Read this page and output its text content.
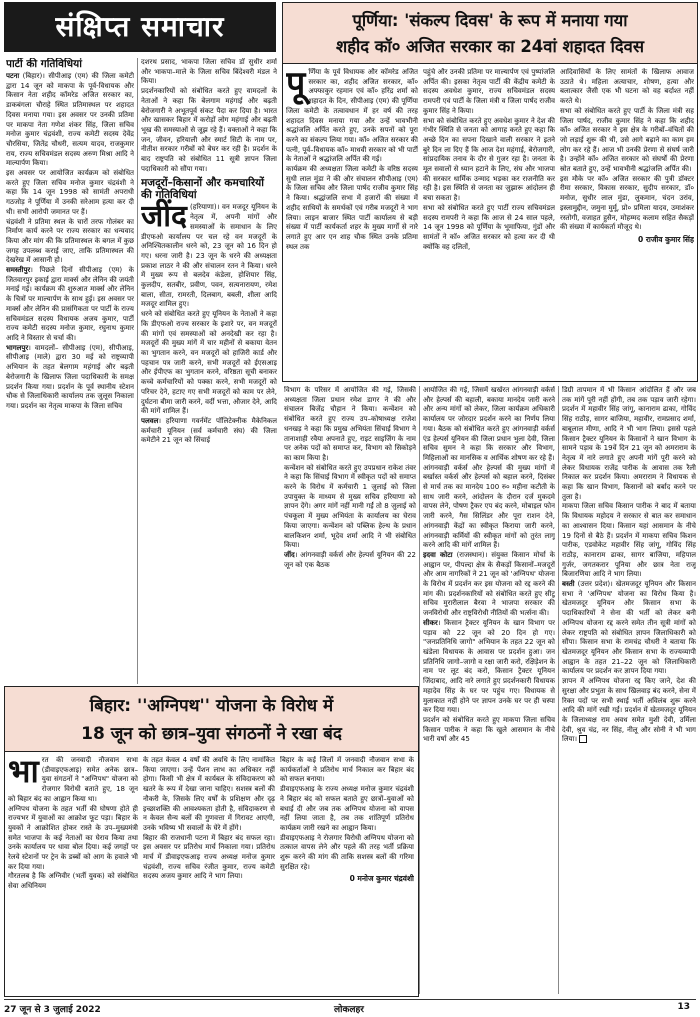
संक्षिप्त समाचार
पार्टी की गतिविधियां

पटना (बिहार)। सीपीआइ (एम) की जिला कमेटी द्वारा 14 जून को माकपा के पूर्व-विधायक और किसान नेता शहीद कॉमरेड अजित सरकार का, डाकबंगला चौराहे स्थित प्रतिमास्थल पर शहादत दिवस मनाया गया। इस अवसर पर उनकी प्रतिमा पर माकपा नेता गणेश शंकर सिंह, जिला सचिव मनोज कुमार चंद्रवंशी, राज्य कमेटी सदस्य देवेंद्र चौरसिया, जितेंद्र चौधरी, सत्यम यादव, राजकुमार राय, राज्य सचिवमंडल सदस्य अरुण मिश्रा आदि ने माल्यार्पण किया।

इस अवसर पर आयोजित कार्यक्रम को संबोधित करते हुए जिला सचिव मनोज कुमार चंद्रवंशी ने कहा कि 14 जून 1998 को सामंती अपराधी गठजोड़ ने पूर्णिया में उनकी सरेआम हत्या कर दी थी। सभी आरोपी जमानत पर हैं।

चंद्रवंशी ने प्रतिमा स्थल के चारों तरफ गोलंबर का निर्माण कार्य करने पर राज्य सरकार का धन्यवाद किया और मांग की कि प्रतिमास्थल के बगल में कुछ जगह उपलब्ध कराई जाए, ताकि प्रतिमास्थल की देखरेख में आसानी हो।

समस्तीपुर। पिछले दिनों सीपीआइ (एम) के जितवारपुर इकाई द्वारा मार्क्स और लेनिन की जयंती मनाई गई। कार्यक्रम की शुरुआत मार्क्स और लेनिन के चित्रों पर माल्यार्पण के साथ हुई। इस अवसर पर मार्क्स और लेनिन की प्रासंगिकता पर पार्टी के राज्य सचिवमंडल सदस्य विधायक अजय कुमार, पार्टी राज्य कमेटी सदस्य मनोज कुमार, रघुनाथ कुमार आदि ने विस्तार से चर्चा की।

भागलपुर। वामदलों– सीपीआइ (एम), सीपीआइ, सीपीआइ (माले) द्वारा 30 मई को राष्ट्रव्यापी अभियान के तहत बेलगाम महंगाई और बढ़ती बेरोजगारी के खिलाफ जिला पदाधिकारी के समक्ष प्रदर्शन किया गया। प्रदर्शन के पूर्व स्थानीय स्टेशन चौक से जिलाधिकारी कार्यालय तक जुलूस निकाला गया। प्रदर्शन का नेतृत्व माकपा के जिला सचिव

दशरथ प्रसाद, भाकपा जिला सचिव डॉ सुधीर शर्मा और भाकपा–माले के जिला सचिव बिंदेश्वरी मंडल ने किया।

प्रदर्शनकारियों को संबोधित करते हुए वामदलों के नेताओं ने कहा कि बेलगाम महंगाई और बढ़ती बेरोजगारी ने अभूतपूर्व संकट पैदा कर दिया है। भारत और खासकर बिहार में करोड़ों लोग महंगाई और बढ़ती भूख की समस्याओं से जूझ रहे हैं। वक्ताओं ने कहा कि जन, जीवन, हरियाली और स्मार्ट सिटी के नाम पर, नीतीश सरकार गरीबों को बेघर कर रही है। प्रदर्शन के बाद राष्ट्रपति को संबोधित 11 सूत्री ज्ञापन जिला पदाधिकारी को सौंपा गया।

मजदूरों–किसानों और कमचारियों की गतिविधियां

जींद (हरियाणा)। वन मजदूर यूनियन के नेतृत्व में, अपनी मांगों और समस्याओं के समाधान के लिए डीएफओ कार्यालय पर चल रहे वन मजदूरों के अनिश्चितकालीन धरने को, 23 जून को 16 दिन हो गए। धरना जारी है। 23 जून के धरने की अध्यक्षता प्रकाश लाठर ने की और संचालन रतन ने किया। धरने में मुख्य रूप से बलदेव कंडेला, होशियार सिंह, कुलदीप, सतबीर, प्रवीण, पवन, सत्यनारायण, रमेश बाला, सीता, रामरती, दिलबाग, बबली, शीला आदि मजदूर शामिल हुए।

धरने को संबोधित करते हुए यूनियन के नेताओं ने कहा कि डीएफओ राज्य सरकार के इशारे पर, वन मजदूरों की मांगों एवं समस्याओं को अनदेखी कर रहा है। मजदूरों की मुख्य मांगें में चार महीनों से बकाया वेतन का भुगतान करने, वन मजदूरों को हाजिरी कार्ड और पहचान पत्र जारी करने, सभी मजदूरों को ईएसआइ और ईपीएफ का भुगतान करने, वरिष्ठता सूची बनाकर कच्चे कर्मचारियों को पक्का करने, सभी मजदूरों को परिचर देने, हटाए गए सभी मजदूरों को काम पर लेने, दुर्घटना बीमा जारी करने, वर्दी भत्ता, औजार देने, आदि की मांगें शामिल हैं।

पलवल। हरियाणा गवर्नमेंट पॉलिटेक्नीक मैकेनिकल कर्मचारी यूनियन (सर्व कर्मचारी संघ) की जिला कमेटीने 21 जून को सिंचाई

पूर्णिया: 'संकल्प दिवस' के रूप में मनाया गया
शहीद कॉ० अजित सरकार का 24वां शहादत दिवस

पूर्णिया के पूर्व विधायक और कॉमरेड अजित सरकार का, शहीद अजित सरकार, कॉ० अफ्फाकुर रहमान एवं कॉ० हरिंद्र शर्मा को शहादत के दिन, सीपीआइ (एम) की पूर्णिया जिला कमेटी के तत्वावधान में हर वर्ष की तरह शहादत दिवस मनाया गया और उन्हें भावभीनी श्रद्धांजलि अर्पित करते हुए, उनके सपनों को पूरा करने का संकल्प लिया गया। कॉ० अजित सरकार की पत्नी, पूर्व–विधायक कॉ० माधवी सरकार को भी पार्टी के नेताओं ने श्रद्धांजलि अर्पित की गई।

कार्यक्रम की अध्यक्षता जिला कमेटी के वरिष्ठ सदस्य सुधी लाल मुंडा ने की और संचालन सीपीआइ (एम) के जिला सचिव और जिला पार्षद राजीव कुमार सिंह ने किया। श्रद्धांजलि सभा में हजारों की संख्या में शहीद साथियों के समर्थकों एवं गरीब मजदूरों ने भाग लिया। लाइन बाजार स्थित पार्टी कार्यालय से बड़ी संख्या में पार्टी कार्यकर्ता शहर के मुख्य मार्गों से नारे लगाते हुए आर एन शाह चौक स्थित उनके प्रतिमा स्थल तक

पहुंचे और उनकी प्रतिमा पर माल्यार्पण एवं पुष्पांजलि अर्पित की। इसका नेतृत्व पार्टी की केंद्रीय कमेटी के सदस्य अवधेश कुमार, राज्य सचिवमंडल सदस्य रामपरी एवं पार्टी के जिला मंत्री व जिला पार्षद राजीव कुमार सिंह ने किया।

सभा को संबोधित करते हुए अवधेश कुमार ने देश की गंभीर स्थिति से जनता को आगाह करते हुए कहा कि अच्छे दिन का सपना दिखाने वाली सरकार ने इतने बुरे दिन ला दिए हैं कि आज देश महंगाई, बेरोजगारी, सांप्रदायिक तनाव के दौर से गुजर रहा है। जनता के मूल सवालों से ध्यान हटाने के लिए, संघ और भाजपा की सरकार धार्मिक उन्माद भड़का कर राजनीति कर रही है। इस स्थिति से जनता का जुझारू आंदोलन ही बचा सकता है।

सभा को संबोधित करते हुए पार्टी राज्य सचिवमंडल सदस्य रामपरी ने कहा कि आज से 24 साल पहले, 14 जून 1998 को पूर्णिया के भूमाफिया, गुंडों और सामंतों ने कॉ० अजित सरकार को हत्या कर दी थी क्योंकि वह दलितों,

आदिवासियों के लिए सामंतों के खिलाफ आवाज उठाते थे। महिला अत्याचार, शोषण, हत्या और बलात्कार जैसी एक भी घटना को वह बर्दाश्त नहीं करते थे।

सभा को संबोधित करते हुए पार्टी के जिला मंत्री सह जिला पार्षद, राजीव कुमार सिंह ने कहा कि शहीद कॉ० अजित सरकार ने इस क्षेत्र के गरीबों–वंचितों की जो लड़ाई शुरू की थी, उसे आगे बढ़ाने का काम हम लोग कर रहे हैं। आज भी उनकी प्रेरणा से संघर्ष जारी है। उन्होंने कॉ० अजित सरकार को संघर्षों की प्रेरणा स्रोत बताते हुए, उन्हें भावभीनी श्रद्धांजलि अर्पित की।

इस मौके पर कॉ० अजित सरकार की पुत्री डॉक्टर रीमा सरकार, विकास सरकार, सुदीप सरकार, डॉ० मनोज, सुधीर लाल मुंडा, लुकमान, चंदन उरांव, इस्लामुद्दीन, जमुना मुर्मू, प्रो० प्रमिला यादव, उमाशंकर रस्तोगी, वजाहत हुसैन, मोहम्मद कलाम सहित सैकड़ों की संख्या में कार्यकर्ता मौजूद थे।

0 राजीव कुमार सिंह

विभाग के परिसर में आयोजित की गई, जिसकी अध्यक्षता जिला प्रधान रमेश डागर ने की और संचालन बिजेंद्र चौहान ने किया। कन्वेंशन को संबोधित करते हुए राज्य उप–कोषाध्यक्ष राजेश धनखड़ ने कहा कि प्रमुख अभियंता सिंचाई विभाग ने तानाशाही रवैया अपनाते हुए, राइट साइजिंग के नाम पर अनेक पदों को समाप्त कर, विभाग को सिकोड़ने का काम किया है।

कन्वेंशन को संबोधित करते हुए उपप्रधान राकेश तंवर ने कहा कि सिंचाई विभाग में स्वीकृत पदों को समाप्त करने के विरोध में कर्मचारी 1 जुलाई को जिला उपायुक्त के माध्यम से मुख्य सचिव हरियाणा को ज्ञापन देंगे। अगर मांगें नहीं मानी गईं तो 8 जुलाई को पंचकूला में मुख्य अभियंता के कार्यालय का घेराव किया जाएगा। कन्वेंशन को पब्लिक हेल्थ के प्रधान बालकिशन शर्मा, भूदेव शर्मा आदि ने भी संबोधित किया।

जींद। आंगनवाड़ी वर्कर्स और हेल्पर्स यूनियन की 22 जून को एक बैठक

आयोजित की गई, जिसमें खर्खरत आंगनवाड़ी वर्कर्स और हेल्पर्स की बहाली, बकाया मानदेय जारी करने और अन्य मांगों को लेकर, जिला कार्यक्रम अधिकारी कार्यालय पर जोरदार प्रदर्शन करने का निर्णय लिया गया। बैठक को संबोधित करते हुए आंगनवाड़ी वर्कर्स एंड हेल्पर्स यूनियन की जिला प्रधान भुला देवी, जिला सचिव सुमन ने कहा कि सरकार और विभाग, मिहिलाओं का मानसिक व आर्थिक शोषण कर रहे हैं।

आंगनवाड़ी वर्कर्स और हेल्पर्स की मुख्य मांगों में बर्खास्त वर्कर्स और हेल्पर्स को बहाल करने, दिसंबर से मार्च तक का मानदेय 100 रु० महीना कटौती के साथ जारी करने, आंदोलन के दौरान दर्ज मुकदमे वापस लेने, पोषण ट्रैकर एप बंद करने, मोबाइल फोन जारी करने, गैस सिलिंडर और पूरा राशन देने, आंगनवाड़ी केंद्रों का स्वीकृत किराया जारी करने, आंगनवाड़ी कर्मियों की स्वीकृत मांगों को तुरंत लागू करने आदि की मांगें शामिल हैं।

इदवा कोटा (राजस्थान)। संयुक्त किसान मोर्चा के आह्वान पर, पीपल्दा क्षेत्र के सैकड़ों किसानों–मजदूरों और आम नागरिकों ने 21 जून को 'अग्निपथ' योजना के विरोध में प्रदर्शन कर इस योजना को रद्द करने की मांग की। प्रदर्शनकारियों को संबोधित करते हुए सीटू सचिव मुरारीलाल बैरवा ने भाजपा सरकार की जनविरोधी और राष्ट्रविरोधी नीतियों की भर्त्सना की।

सीकर। किसान ट्रैक्टर यूनियन के खान विभाग पर पड़ाव को 22 जून को 20 दिन हो गए। "जनप्रतिनिधि जागो" अभियान के तहत 22 जून को खंडेला विधायक के आवास पर प्रदर्शन हुआ। जन प्रतिनिधि जागो–जागो व रक्षा जारी करो, रक्षिड़ेशन के नाम पर लूट बंद करो, किसान ट्रैक्टर यूनियन जिंदाबाद, आदि नारे लगाते हुए प्रदर्शनकारी विधायक महादेव सिंह के घर पर पहुंच गए। विधायक से मुलाकात नहीं होने पर ज्ञापन उनके घर पर ही चस्पा कर दिया गया।

प्रदर्शन को संबोधित करते हुए माकपा जिला सचिव किसान पारीक ने कहा कि खुले आसमान के नीचे भारी वर्षा और 45

डिग्री तापमान में भी किसान आंदोलित हैं और जब तक मांगें पूरी नहीं होंगी, तब तक पड़ाव जारी रहेगा। प्रदर्शन में महावीर सिंह जांगू, कानाराम ढाका, गोविंद सिंह राठौड़, सागर बाजिया, महावीर, रामप्रसाद शर्मा, बाबूलाल मीणा, आदि ने भी भाग लिया। इससे पहले किसान ट्रैक्टर यूनियन के किसानों ने खान विभाग के सामने पड़ाव के 19वें दिन 21 जून को अमराराम के नेतृत्व में नारे लगाते हुए अपनी मांगें पूरी करने को लेकर विधायक राजेंद्र पारीक के आवास तक रैली निकाल कर प्रदर्शन किया। अमराराम ने विधायक से कहा कि खान विभाग, किसानों को बर्बाद करने पर तुला है।

माकपा जिला सचिव किसान पारीक ने बाद में बताया कि विधायक महोदय ने सरकार से बात कर समाधान का आश्वासन दिया। किसान यहां आसमान के नीचे 19 दिनों से बैठे हैं। प्रदर्शन में माकपा सचिव किशन पारीक, एडवोकेट महावीर सिंह जांगू, गोविंद सिंह राठौड़, कानाराम ढाका, सागर बाजिया, महिपाल गुर्जर, जगतकरार पूनिया और छात्र नेता राजू बिजारणिया आदि ने भाग लिया।

बस्ती (उत्तर प्रदेश)। खेतमजदूर यूनियन और किसान सभा ने 'अग्निपथ' योजना का विरोध किया है। खेतमजदूर यूनियन और किसान सभा के पदाधिकारियों ने सेना की भर्ती को लेकर बनी अग्निपथ योजना रद्द करने समेत तीन सूत्री मांगों को लेकर राष्ट्रपति को संबोधित ज्ञापन जिलाधिकारी को सौंपा। किसान सभा के रामचंद्र चौधरी ने बताया कि खेतमजदूर यूनियन और किसान सभा के राज्यव्यापी आह्वान के तहत 21–22 जून को जिलाधिकारी कार्यालय पर प्रदर्शन कर ज्ञापन दिया गया।

ज्ञापन में अग्निपथ योजना रद्द किए जाने, देश की सुरक्षा और प्रभुता के साथ खिलवाड़ बंद करने, सेना में रिक्त पदों पर सभी स्थाई भर्ती अविलंब शुरू करने आदि की मांगें रखी गईं। प्रदर्शन में खेतमजदूर यूनियन के जिलाध्यक्ष राम अवध समेत मुशी देवी, उर्मिला देवी, श्रुव चंद्र, नर सिंह, नीलू और सोनी ने भी भाग लिया।

बिहार: ''अग्निपथ'' योजना के विरोध में
18 जून को छात्र–युवा संगठनों ने रखा बंद

भारत की जनवादी नौजवान सभा (डीवाइएफआइ) समेत अनेक छात्र–युवा संगठनों ने "अग्निपथ" योजना को रोजगार विरोधी बताते हुए, 18 जून को बिहार बंद का आह्वान किया था।

अग्निपथ योजना के तहत भर्ती की घोषणा होते ही राज्यभर में युवाओं का आक्रोश फूट पड़ा। बिहार के युवकों ने आक्रोशित होकर रास्ते के उप–मुख्यमंत्री समेत भाजपा के कई नेताओं का घेराव किया तथा उनके कार्यालय पर धावा बोल दिया। कई जगहों पर रेलवे स्टेशनों पर ट्रेन के डब्बों को आग के हवाले भी कर दिया गया।

गौरतलब है कि अग्निवीर (भर्ती युवक) को संबोधित सेवा अधिनियम

के तहत केवल 4 वर्षों की अवधि के लिए नामांकित किया जाएगा। उन्हें पेंशन लाभ का अधिकार नहीं होगा। किसी भी क्षेत्र में कार्यबल के संविदाकरण को खतरे के रूप में देखा जाना चाहिए। सशस्त्र बलों की नौकरी के, जिसके लिए वर्षों के प्रशिक्षण और दृढ़ इच्छाशक्ति की आवश्यकता होती है, संविदाकरण से न केवल सैन्य बलों की गुणवत्ता में गिरावट आएगी, उनके भविष्य भी सवालों के घेरे में होंगे।

बिहार की राजधानी पटना में बिहार बंद सफल रहा। इस अवसर पर प्रतिरोध मार्च निकाला गया। प्रतिरोध मार्च में डीवाइएफआइ राज्य अध्यक्ष मनोज कुमार चंद्रवंशी, राज्य सचिव रंजीत कुमार, राज्य कमेटी सदस्य अजय कुमार आदि ने भाग लिया।

बिहार के कई जिलों में जनवादी नौजवान सभा के कार्यकर्ताओं ने प्रतिरोध मार्च निकाल कर बिहार बंद को सफल बनाया।

डीवाइएफआइ के राज्य अध्यक्ष मनोज कुमार चंद्रवंशी ने बिहार बंद को सफल बताते हुए छात्रों–युवाओं को बधाई दी और जब तक अग्निपथ योजना को वापस नहीं लिया जाता है, तब तक शांतिपूर्ण प्रतिरोध कार्यक्रम जारी रखने का आह्वान किया।

डीवाइएफआइ ने रोजगार विरोधी अग्निपथ योजना को तत्काल वापस लेने और पहले की तरह भर्ती प्रक्रिया शुरू करने की मांग की ताकि सशस्त्र बलों की गरिमा सुरक्षित रहे।

0 मनोज कुमार चंद्रवंशी
27 जून से 3 जुलाई 2022	लोकलहर	13
